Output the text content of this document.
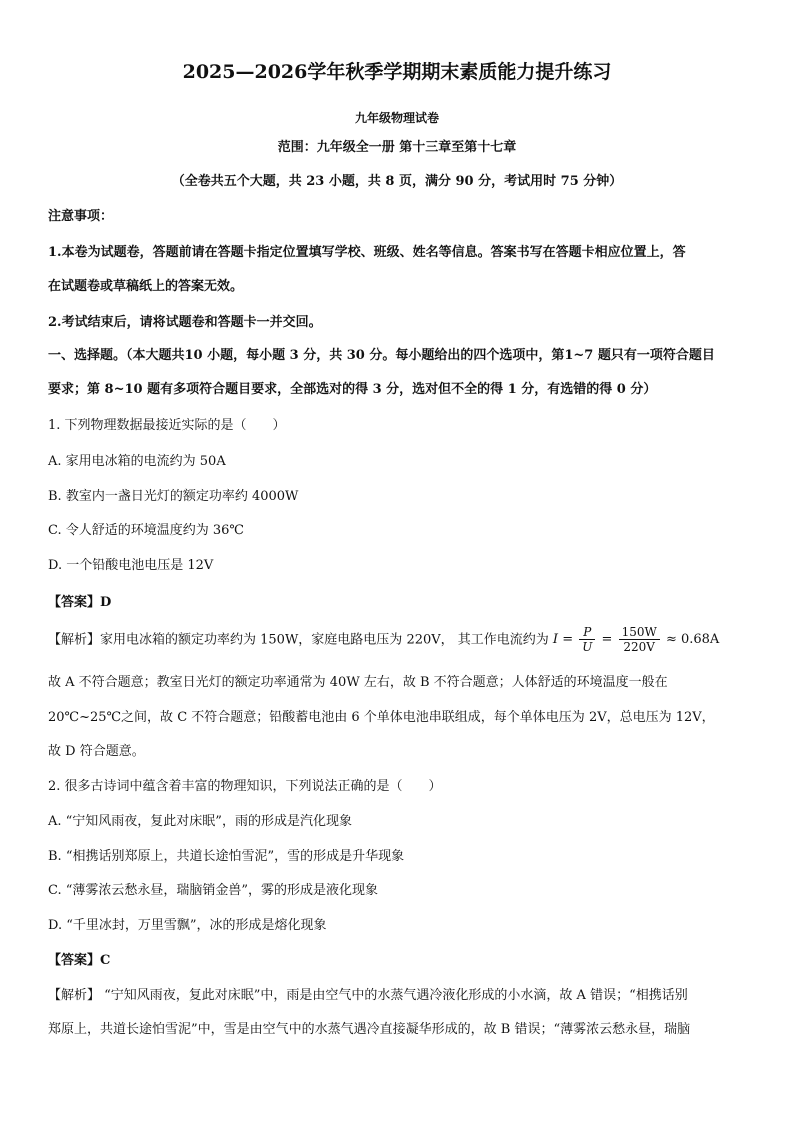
2025—2026学年秋季学期期末素质能力提升练习
九年级物理试卷
范围：九年级全一册 第十三章至第十七章
（全卷共五个大题，共 23 小题，共 8 页，满分 90 分，考试用时 75 分钟）
注意事项：
1.本卷为试题卷，答题前请在答题卡指定位置填写学校、班级、姓名等信息。答案书写在答题卡相应位置上，答
在试题卷或草稿纸上的答案无效。
2.考试结束后，请将试题卷和答题卡一并交回。
一、选择题。（本大题共10 小题，每小题 3 分，共 30 分。每小题给出的四个选项中，第1~7 题只有一项符合题目
要求；第 8~10 题有多项符合题目要求，全部选对的得 3 分，选对但不全的得 1 分，有选错的得 0 分）
1. 下列物理数据最接近实际的是（　　）
A. 家用电冰箱的电流约为 50A
B. 教室内一盏日光灯的额定功率约 4000W
C. 令人舒适的环境温度约为 36℃
D. 一个铅酸电池电压是 12V
【答案】D
【解析】家用电冰箱的额定功率约为 150W，家庭电路电压为 220V， 其工作电流约为 $I = \frac{P}{U} = \frac{150W}{220V} \approx 0.68A$
故 A 不符合题意；教室日光灯的额定功率通常为 40W 左右，故 B 不符合题意；人体舒适的环境温度一般在
20℃~25℃之间，故 C 不符合题意；铅酸蓄电池由 6 个单体电池串联组成，每个单体电压为 2V，总电压为 12V，
故 D 符合题意。
2. 很多古诗词中蕴含着丰富的物理知识，下列说法正确的是（　　）
A. “宁知风雨夜，复此对床眠”，雨的形成是汽化现象
B. “相携话别郑原上，共道长途怕雪泥”，雪的形成是升华现象
C. “薄雾浓云愁永昼，瑞脑销金兽”，雾的形成是液化现象
D. “千里冰封，万里雪飘”，冰的形成是熔化现象
【答案】C
【解析】 “宁知风雨夜，复此对床眠”中，雨是由空气中的水蒸气遇冷液化形成的小水滴，故 A 错误；“相携话别
郑原上，共道长途怕雪泥”中，雪是由空气中的水蒸气遇冷直接凝华形成的，故 B 错误；“薄雾浓云愁永昼，瑞脑
